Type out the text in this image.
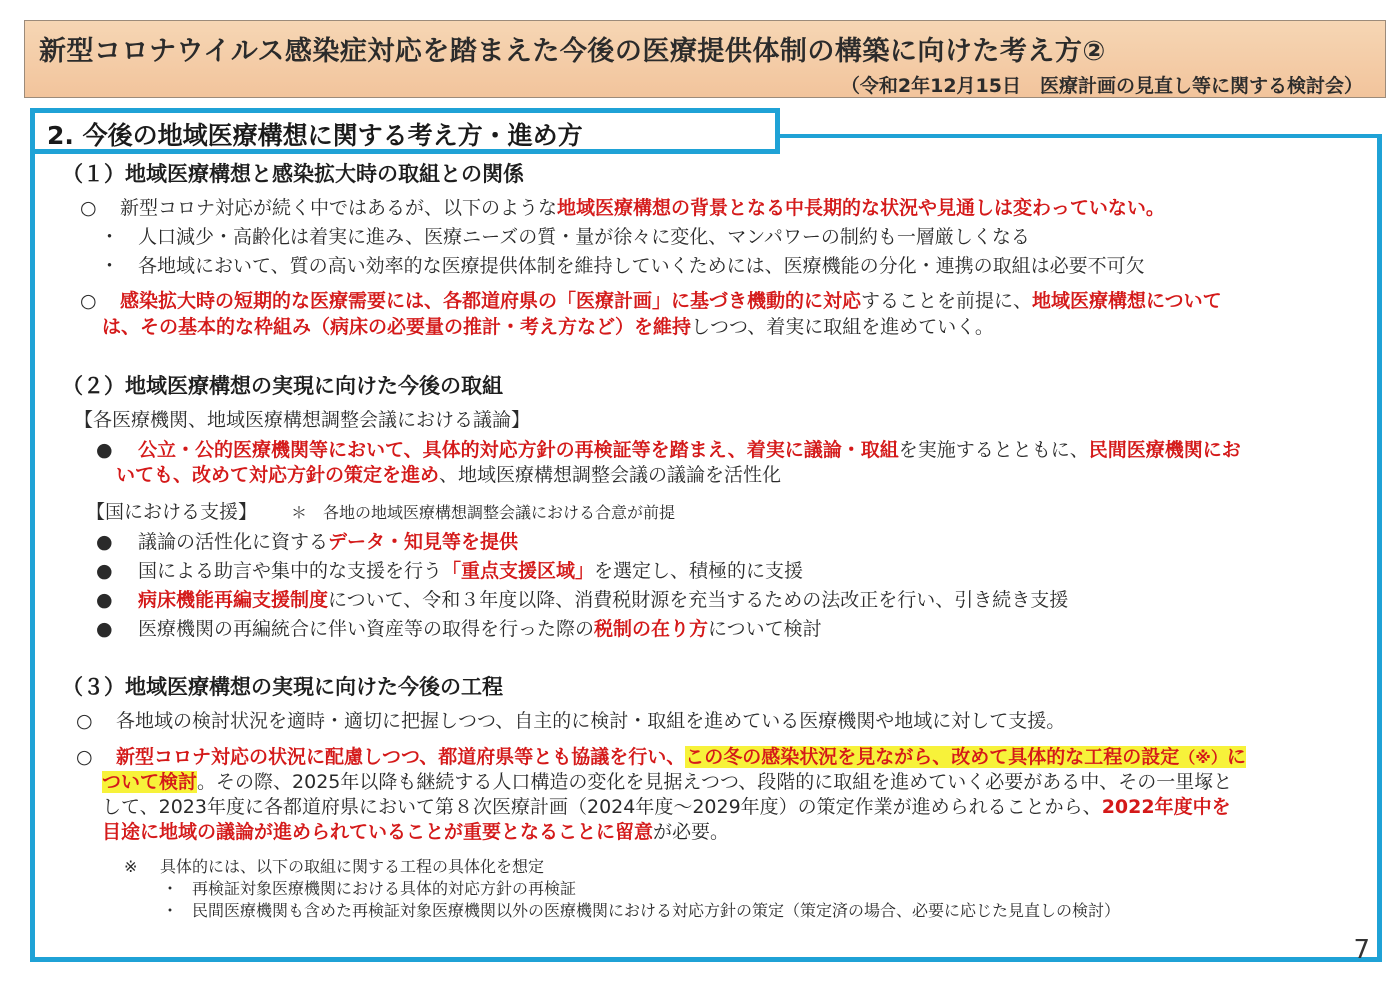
新型コロナウイルス感染症対応を踏まえた今後の医療提供体制の構築に向けた考え方②
（令和2年12月15日　医療計画の見直し等に関する検討会）
2. 今後の地域医療構想に関する考え方・進め方
（１）地域医療構想と感染拡大時の取組との関係
○ 新型コロナ対応が続く中ではあるが、以下のような地域医療構想の背景となる中長期的な状況や見通しは変わっていない。
・ 人口減少・高齢化は着実に進み、医療ニーズの質・量が徐々に変化、マンパワーの制約も一層厳しくなる
・ 各地域において、質の高い効率的な医療提供体制を維持していくためには、医療機能の分化・連携の取組は必要不可欠
○ 感染拡大時の短期的な医療需要には、各都道府県の「医療計画」に基づき機動的に対応することを前提に、地域医療構想について
は、その基本的な枠組み（病床の必要量の推計・考え方など）を維持しつつ、着実に取組を進めていく。
（２）地域医療構想の実現に向けた今後の取組
【各医療機関、地域医療構想調整会議における議論】
● 公立・公的医療機関等において、具体的対応方針の再検証等を踏まえ、着実に議論・取組を実施するとともに、民間医療機関にお
いても、改めて対応方針の策定を進め、地域医療構想調整会議の議論を活性化
【国における支援】 ＊　各地の地域医療構想調整会議における合意が前提
● 議論の活性化に資するデータ・知見等を提供
● 国による助言や集中的な支援を行う「重点支援区域」を選定し、積極的に支援
● 病床機能再編支援制度について、令和３年度以降、消費税財源を充当するための法改正を行い、引き続き支援
● 医療機関の再編統合に伴い資産等の取得を行った際の税制の在り方について検討
（３）地域医療構想の実現に向けた今後の工程
○ 各地域の検討状況を適時・適切に把握しつつ、自主的に検討・取組を進めている医療機関や地域に対して支援。
○ 新型コロナ対応の状況に配慮しつつ、都道府県等とも協議を行い、この冬の感染状況を見ながら、改めて具体的な工程の設定（※）に
ついて検討。その際、2025年以降も継続する人口構造の変化を見据えつつ、段階的に取組を進めていく必要がある中、その一里塚と
して、2023年度に各都道府県において第８次医療計画（2024年度～2029年度）の策定作業が進められることから、2022年度中を
目途に地域の議論が進められていることが重要となることに留意が必要。
※ 具体的には、以下の取組に関する工程の具体化を想定
・ 再検証対象医療機関における具体的対応方針の再検証
・ 民間医療機関も含めた再検証対象医療機関以外の医療機関における対応方針の策定（策定済の場合、必要に応じた見直しの検討）
7
